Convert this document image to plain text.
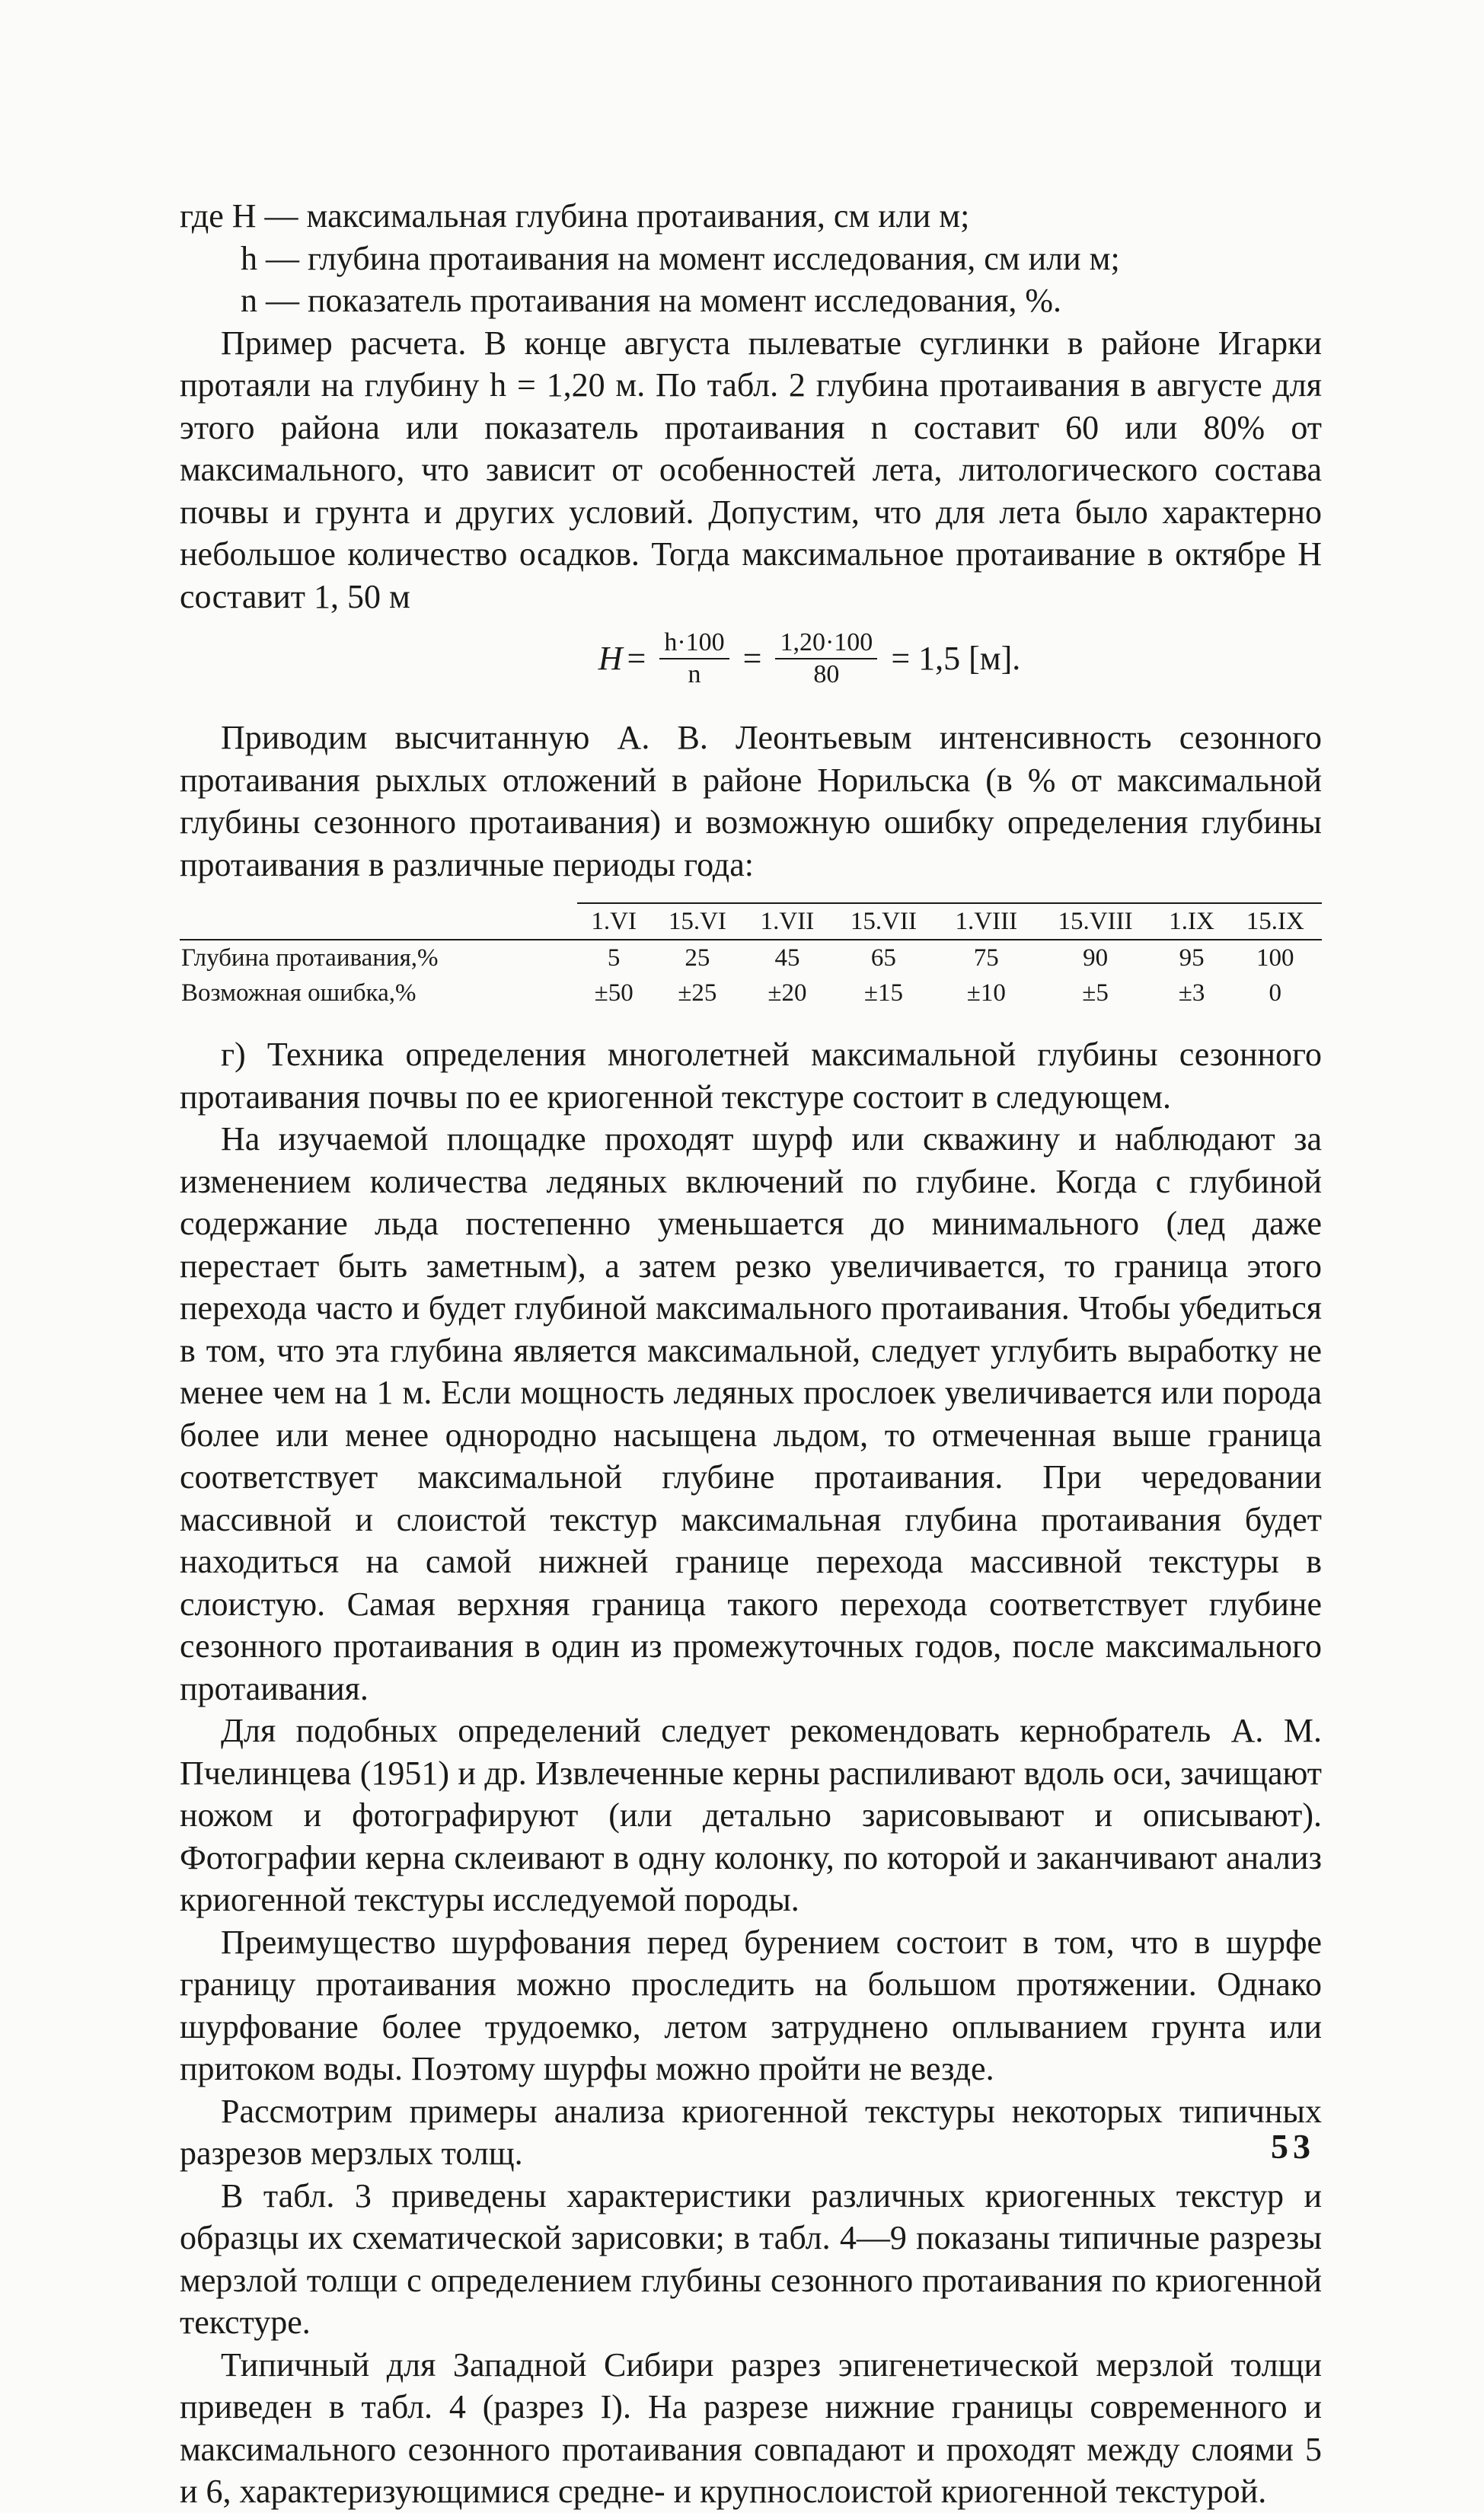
где H — максимальная глубина протаивания, см или м;

h — глубина протаивания на момент исследования, см или м;

n — показатель протаивания на момент исследования, %.

Пример расчета. В конце августа пылеватые суглинки в районе Игарки протаяли на глубину h = 1,20 м. По табл. 2 глубина протаивания в августе для этого района или показатель протаивания n составит 60 или 80% от максимального, что зависит от особенностей лета, литологического состава почвы и грунта и других условий. Допустим, что для лета было характерно небольшое количество осадков. Тогда максимальное протаивание в октябре H составит 1, 50 м

$H = \frac{h\cdot 100}{n} = \frac{1,20\cdot 100}{80} = 1,5$ [м].

Приводим высчитанную А. В. Леонтьевым интенсивность сезонного протаивания рыхлых отложений в районе Норильска (в % от максимальной глубины сезонного протаивания) и возможную ошибку определения глубины протаивания в различные периоды года:

	1.VI	15.VI	1.VII	15.VII	1.VIII	15.VIII	1.IX	15.IX
Глубина протаивания,%	5	25	45	65	75	90	95	100
Возможная ошибка,%	±50	±25	±20	±15	±10	±5	±3	0

г) Техника определения многолетней максимальной глубины сезонного протаивания почвы по ее криогенной текстуре состоит в следующем.

На изучаемой площадке проходят шурф или скважину и наблюдают за изменением количества ледяных включений по глубине. Когда с глубиной содержание льда постепенно уменьшается до минимального (лед даже перестает быть заметным), а затем резко увеличивается, то граница этого перехода часто и будет глубиной максимального протаивания. Чтобы убедиться в том, что эта глубина является максимальной, следует углубить выработку не менее чем на 1 м. Если мощность ледяных прослоек увеличивается или порода более или менее однородно насыщена льдом, то отмеченная выше граница соответствует максимальной глубине протаивания. При чередовании массивной и слоистой текстур максимальная глубина протаивания будет находиться на самой нижней границе перехода массивной текстуры в слоистую. Самая верхняя граница такого перехода соответствует глубине сезонного протаивания в один из промежуточных годов, после максимального протаивания.

Для подобных определений следует рекомендовать кернобратель А. М. Пчелинцева (1951) и др. Извлеченные керны распиливают вдоль оси, зачищают ножом и фотографируют (или детально зарисовывают и описывают). Фотографии керна склеивают в одну колонку, по которой и заканчивают анализ криогенной текстуры исследуемой породы.

Преимущество шурфования перед бурением состоит в том, что в шурфе границу протаивания можно проследить на большом протяжении. Однако шурфование более трудоемко, летом затруднено оплыванием грунта или притоком воды. Поэтому шурфы можно пройти не везде.

Рассмотрим примеры анализа криогенной текстуры некоторых типичных разрезов мерзлых толщ.

В табл. 3 приведены характеристики различных криогенных текстур и образцы их схематической зарисовки; в табл. 4—9 показаны типичные разрезы мерзлой толщи с определением глубины сезонного протаивания по криогенной текстуре.

Типичный для Западной Сибири разрез эпигенетической мерзлой толщи приведен в табл. 4 (разрез I). На разрезе нижние границы современного и максимального сезонного протаивания совпадают и проходят между слоями 5 и 6, характеризующимися средне- и крупнослоистой криогенной текстурой.

53
